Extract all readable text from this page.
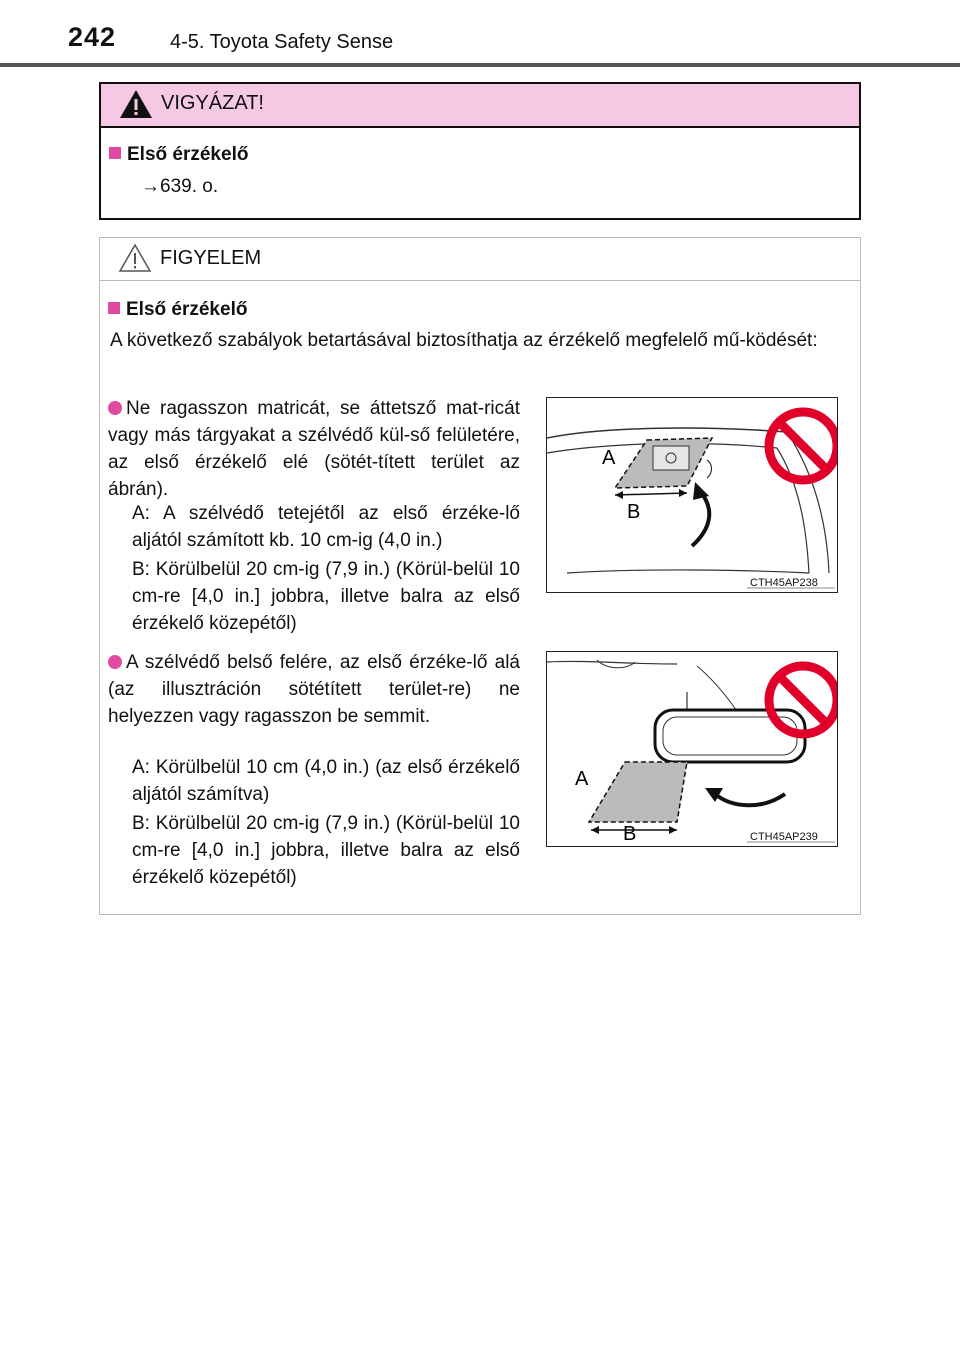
242	4-5. Toyota Safety Sense
VIGYÁZAT!
Első érzékelő
→639. o.
FIGYELEM
Első érzékelő
A következő szabályok betartásával biztosíthatja az érzékelő megfelelő mű-ködését:
Ne ragasszon matricát, se áttetsző mat-ricát vagy más tárgyakat a szélvédő kül-ső felületére, az első érzékelő elé (sötét-tített terület az ábrán).
A: A szélvédő tetejétől az első érzéke-lő aljától számított kb. 10 cm-ig (4,0 in.)
B: Körülbelül 20 cm-ig (7,9 in.) (Körül-belül 10 cm-re [4,0 in.] jobbra, illetve balra az első érzékelő közepétől)
A
B
CTH45AP238
A szélvédő belső felére, az első érzéke-lő alá (az illusztráción sötétített terület-re) ne helyezzen vagy ragasszon be semmit.
A: Körülbelül 10 cm (4,0 in.) (az első érzékelő aljától számítva)
B: Körülbelül 20 cm-ig (7,9 in.) (Körül-belül 10 cm-re [4,0 in.] jobbra, illetve balra az első érzékelő közepétől)
A
B	CTH45AP239
